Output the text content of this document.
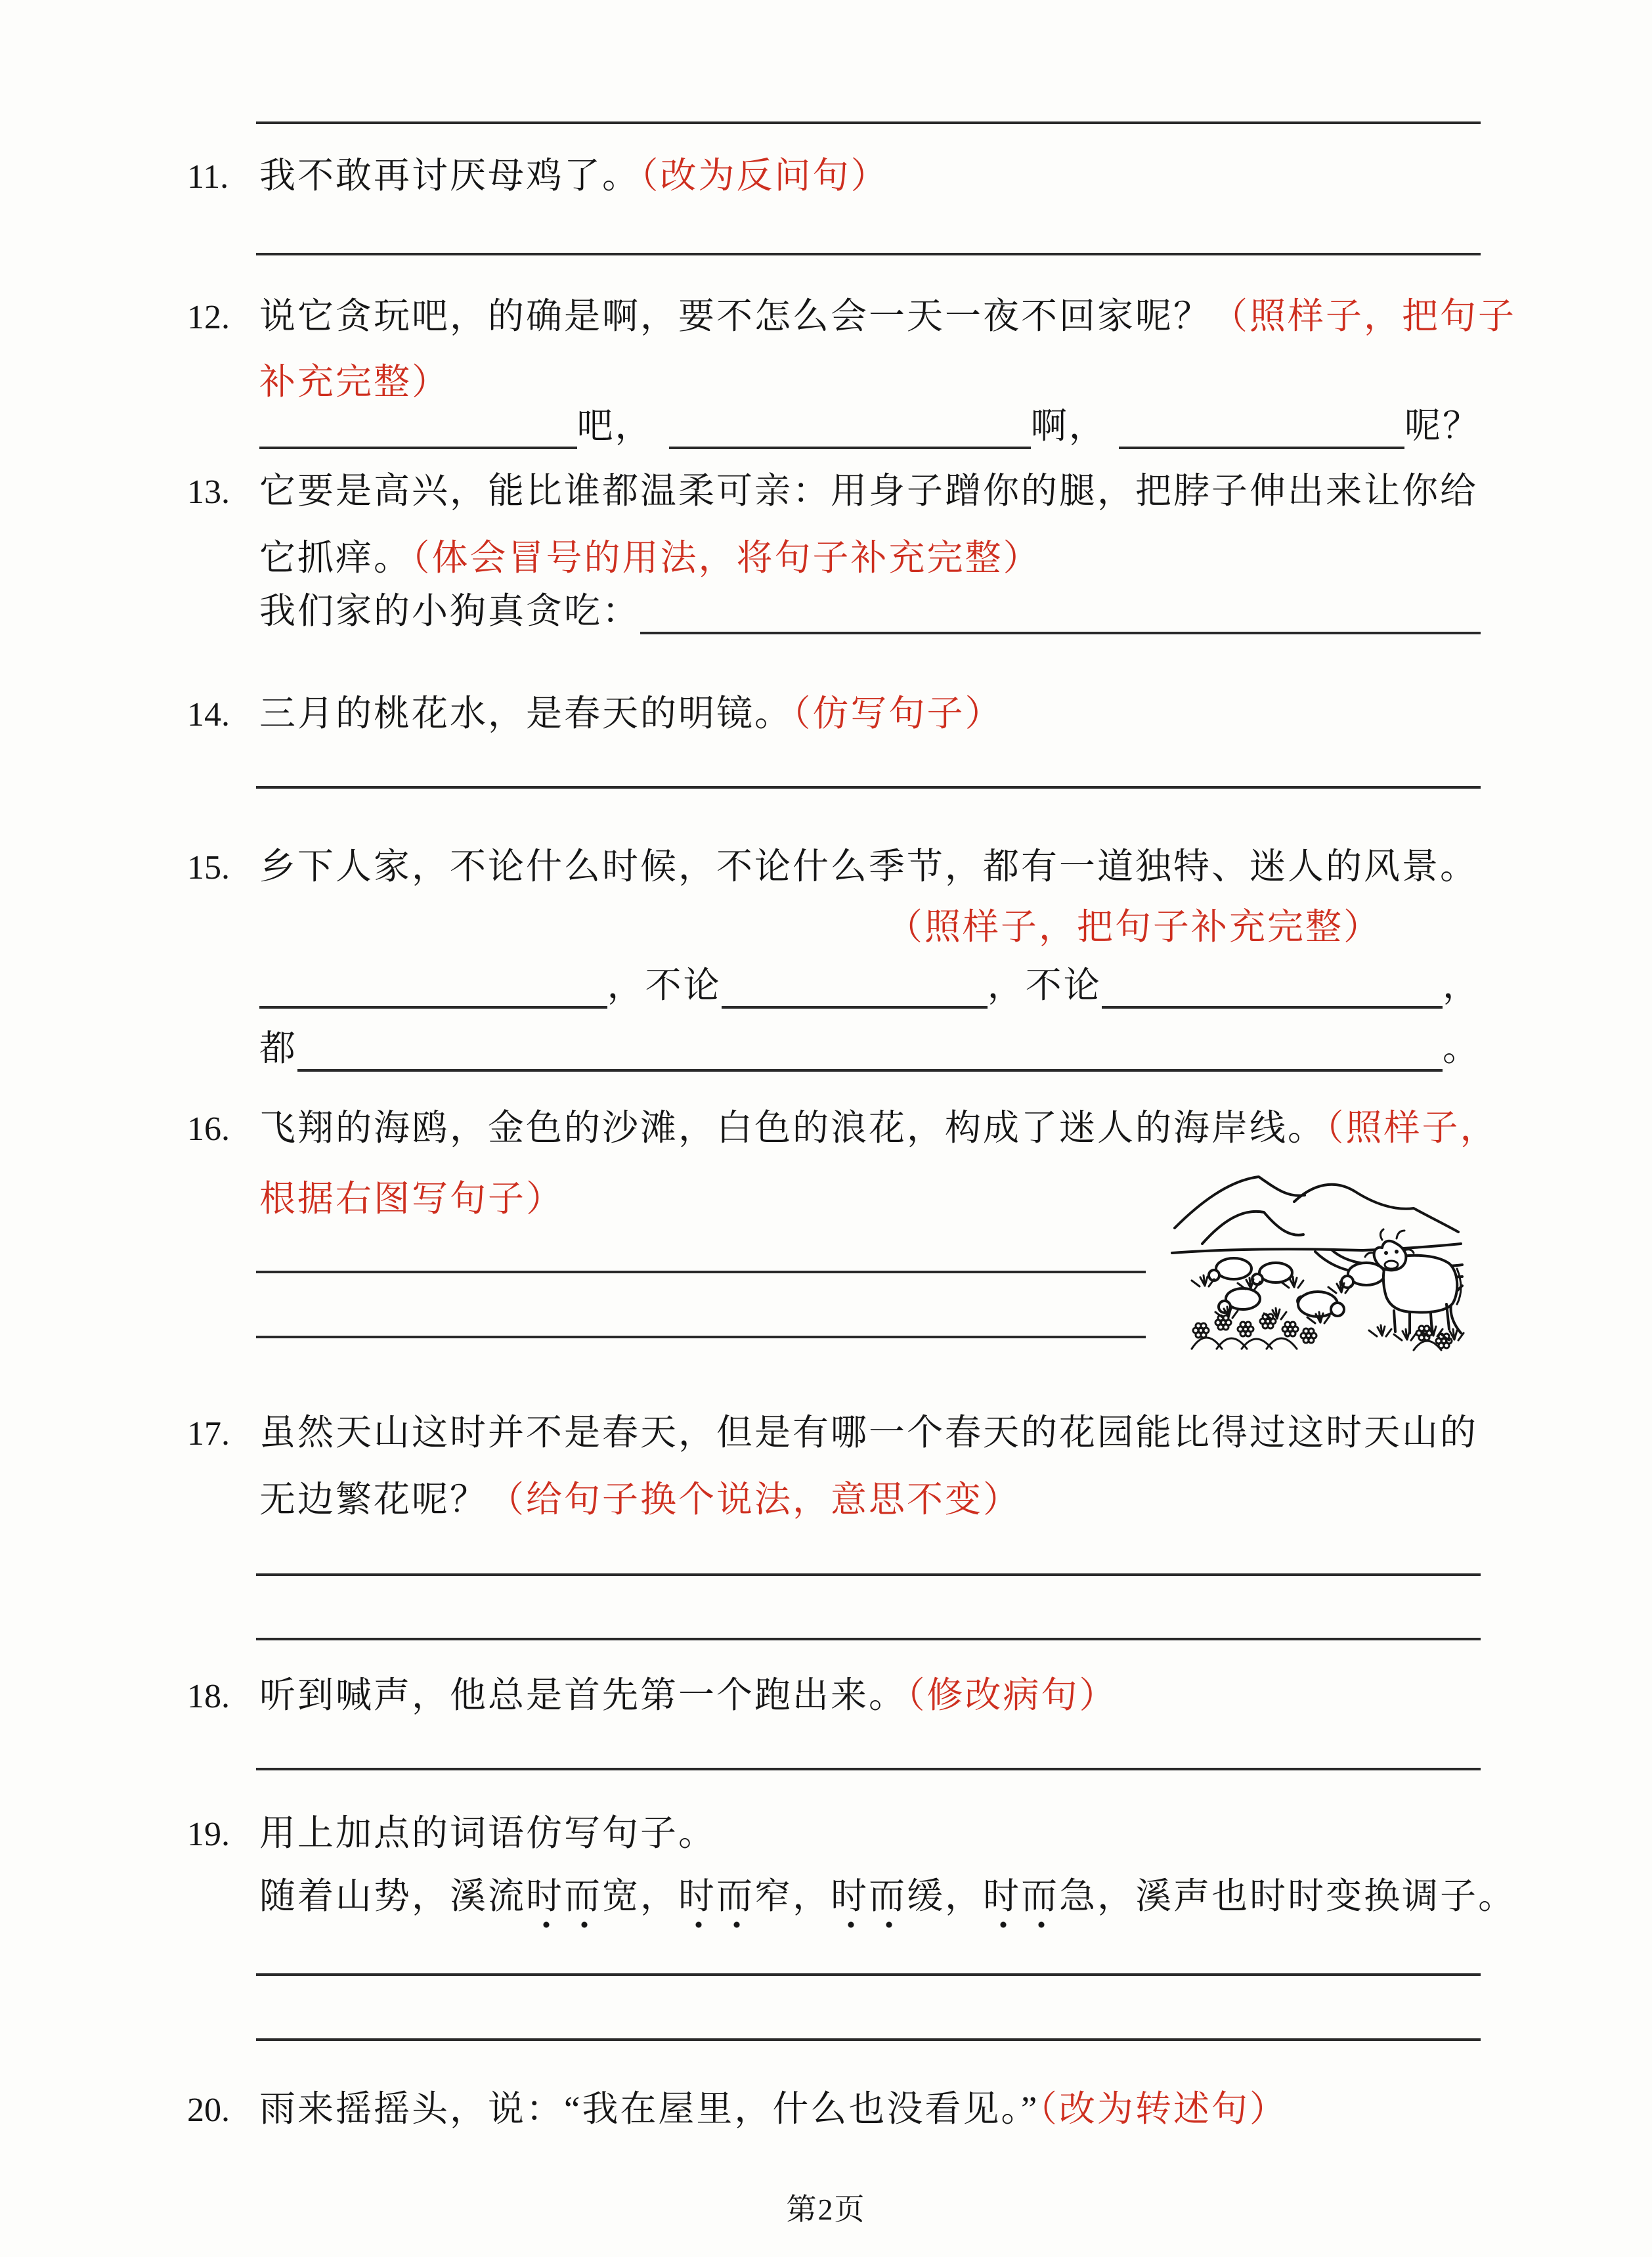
11. 我不敢再讨厌母鸡了。（改为反问句）
12. 说它贪玩吧，的确是啊，要不怎么会一天一夜不回家呢？（照样子，把句子
补充完整）
吧，	啊，	呢？
13. 它要是高兴，能比谁都温柔可亲：用身子蹭你的腿，把脖子伸出来让你给
它抓痒。（体会冒号的用法，将句子补充完整）
我们家的小狗真贪吃：
14. 三月的桃花水，是春天的明镜。（仿写句子）
15. 乡下人家，不论什么时候，不论什么季节，都有一道独特、迷人的风景。
（照样子，把句子补充完整）
，不论	，不论	，
都	。
16. 飞翔的海鸥，金色的沙滩，白色的浪花，构成了迷人的海岸线。（照样子，
根据右图写句子）
17. 虽然天山这时并不是春天，但是有哪一个春天的花园能比得过这时天山的
无边繁花呢？（给句子换个说法，意思不变）
18. 听到喊声，他总是首先第一个跑出来。（修改病句）
19. 用上加点的词语仿写句子。
随着山势，溪流时而宽，时而窄，时而缓，时而急，溪声也时时变换调子。
20. 雨来摇摇头，说：“我在屋里，什么也没看见。”（改为转述句）
第2页
